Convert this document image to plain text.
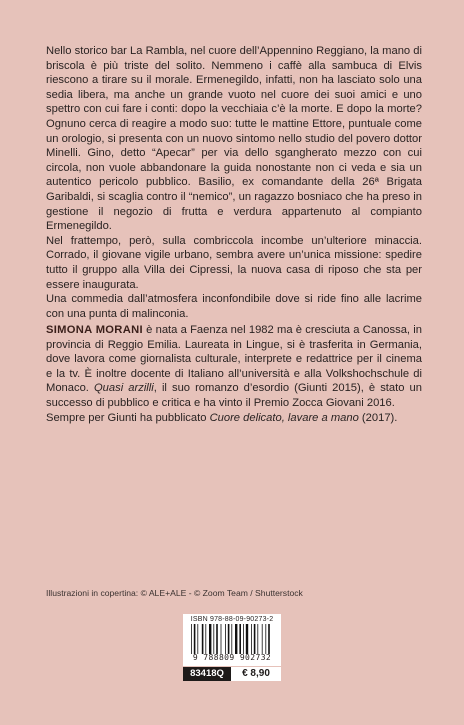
Nello storico bar La Rambla, nel cuore dell’Appennino Reggiano, la mano di briscola è più triste del solito. Nemmeno i caffè alla sambuca di Elvis riescono a tirare su il morale. Ermenegildo, infatti, non ha lasciato solo una sedia libera, ma anche un grande vuoto nel cuore dei suoi amici e uno spettro con cui fare i conti: dopo la vecchiaia c’è la morte. E dopo la morte? Ognuno cerca di reagire a modo suo: tutte le mattine Ettore, puntuale come un orologio, si presenta con un nuovo sintomo nello studio del povero dottor Minelli. Gino, detto “Apecar” per via dello sgangherato mezzo con cui circola, non vuole abbandonare la guida nonostante non ci veda e sia un autentico pericolo pubblico. Basilio, ex comandante della 26ª Brigata Garibaldi, si scaglia contro il “nemico”, un ragazzo bosniaco che ha preso in gestione il negozio di frutta e verdura appartenuto al compianto Ermenegildo.

Nel frattempo, però, sulla combriccola incombe un’ulteriore minaccia. Corrado, il giovane vigile urbano, sembra avere un’unica missione: spedire tutto il gruppo alla Villa dei Cipressi, la nuova casa di riposo che sta per essere inaugurata.

Una commedia dall’atmosfera inconfondibile dove si ride fino alle lacrime con una punta di malinconia.

SIMONA MORANI è nata a Faenza nel 1982 ma è cresciuta a Canossa, in provincia di Reggio Emilia. Laureata in Lingue, si è trasferita in Germania, dove lavora come giornalista culturale, interprete e redattrice per il cinema e la tv. È inoltre docente di Italiano all’università e alla Volkshochschule di Monaco. Quasi arzilli, il suo romanzo d’esordio (Giunti 2015), è stato un successo di pubblico e critica e ha vinto il Premio Zocca Giovani 2016.

Sempre per Giunti ha pubblicato Cuore delicato, lavare a mano (2017).

Illustrazioni in copertina: © ALE+ALE - © Zoom Team / Shutterstock
ISBN 978-88-09-90273-2
9 788809 902732
83418Q	€ 8,90
